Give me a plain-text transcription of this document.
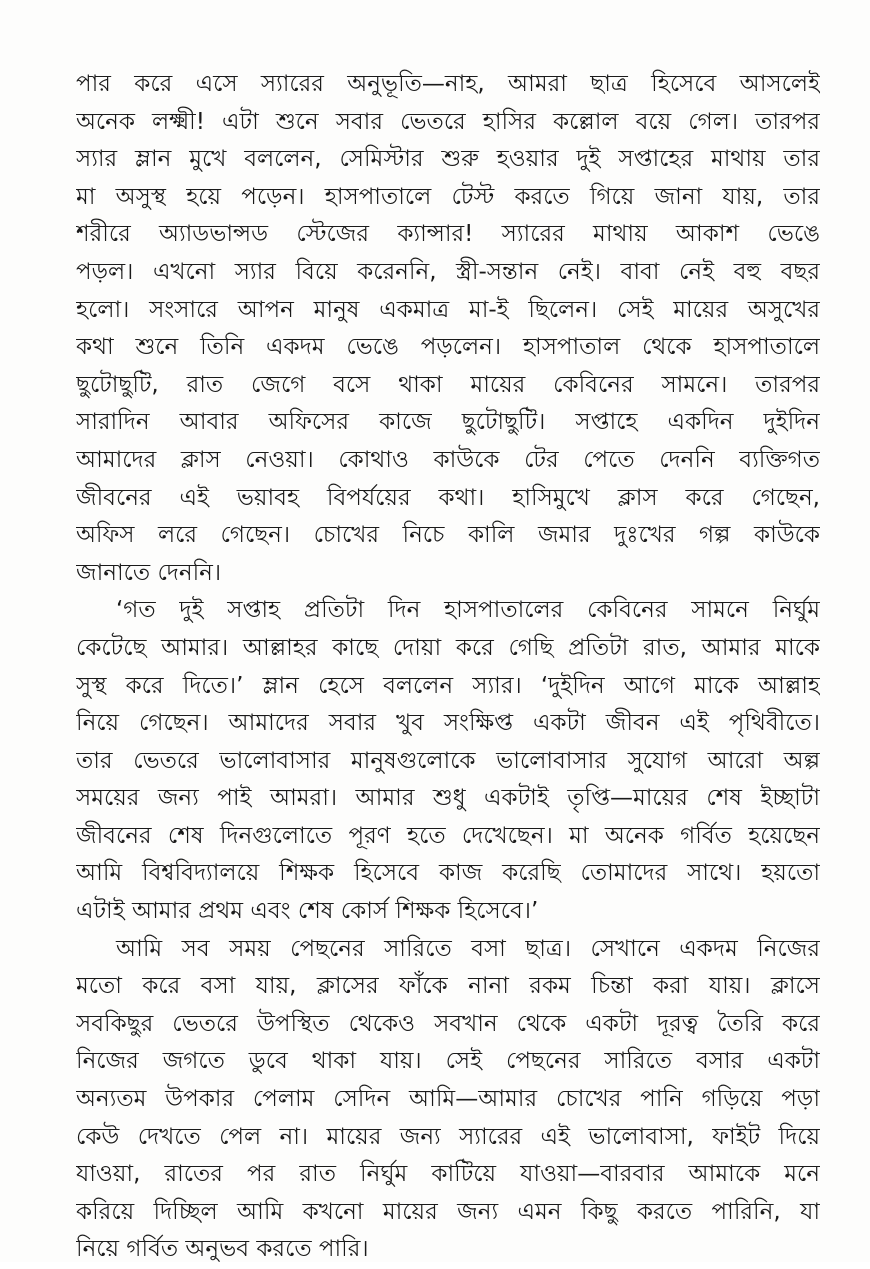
পার করে এসে স্যারের অনুভূতি—নাহ, আমরা ছাত্র হিসেবে আসলেই
অনেক লক্ষ্মী! এটা শুনে সবার ভেতরে হাসির কল্লোল বয়ে গেল। তারপর
স্যার ম্লান মুখে বললেন, সেমিস্টার শুরু হওয়ার দুই সপ্তাহের মাথায় তার
মা অসুস্থ হয়ে পড়েন। হাসপাতালে টেস্ট করতে গিয়ে জানা যায়, তার
শরীরে অ্যাডভান্সড স্টেজের ক্যান্সার! স্যারের মাথায় আকাশ ভেঙে
পড়ল। এখনো স্যার বিয়ে করেননি, স্ত্রী-সন্তান নেই। বাবা নেই বহু বছর
হলো। সংসারে আপন মানুষ একমাত্র মা-ই ছিলেন। সেই মায়ের অসুখের
কথা শুনে তিনি একদম ভেঙে পড়লেন। হাসপাতাল থেকে হাসপাতালে
ছুটোছুটি, রাত জেগে বসে থাকা মায়ের কেবিনের সামনে। তারপর
সারাদিন আবার অফিসের কাজে ছুটোছুটি। সপ্তাহে একদিন দুইদিন
আমাদের ক্লাস নেওয়া। কোথাও কাউকে টের পেতে দেননি ব্যক্তিগত
জীবনের এই ভয়াবহ বিপর্যয়ের কথা। হাসিমুখে ক্লাস করে গেছেন,
অফিস লরে গেছেন। চোখের নিচে কালি জমার দুঃখের গল্প কাউকে
জানাতে দেননি।
‘গত দুই সপ্তাহ প্রতিটা দিন হাসপাতালের কেবিনের সামনে নির্ঘুম
কেটেছে আমার। আল্লাহর কাছে দোয়া করে গেছি প্রতিটা রাত, আমার মাকে
সুস্থ করে দিতে।’ ম্লান হেসে বললেন স্যার। ‘দুইদিন আগে মাকে আল্লাহ
নিয়ে গেছেন। আমাদের সবার খুব সংক্ষিপ্ত একটা জীবন এই পৃথিবীতে।
তার ভেতরে ভালোবাসার মানুষগুলোকে ভালোবাসার সুযোগ আরো অল্প
সময়ের জন্য পাই আমরা। আমার শুধু একটাই তৃপ্তি—মায়ের শেষ ইচ্ছাটা
জীবনের শেষ দিনগুলোতে পূরণ হতে দেখেছেন। মা অনেক গর্বিত হয়েছেন
আমি বিশ্ববিদ্যালয়ে শিক্ষক হিসেবে কাজ করেছি তোমাদের সাথে। হয়তো
এটাই আমার প্রথম এবং শেষ কোর্স শিক্ষক হিসেবে।’
আমি সব সময় পেছনের সারিতে বসা ছাত্র। সেখানে একদম নিজের
মতো করে বসা যায়, ক্লাসের ফাঁকে নানা রকম চিন্তা করা যায়। ক্লাসে
সবকিছুর ভেতরে উপস্থিত থেকেও সবখান থেকে একটা দূরত্ব তৈরি করে
নিজের জগতে ডুবে থাকা যায়। সেই পেছনের সারিতে বসার একটা
অন্যতম উপকার পেলাম সেদিন আমি—আমার চোখের পানি গড়িয়ে পড়া
কেউ দেখতে পেল না। মায়ের জন্য স্যারের এই ভালোবাসা, ফাইট দিয়ে
যাওয়া, রাতের পর রাত নির্ঘুম কাটিয়ে যাওয়া—বারবার আমাকে মনে
করিয়ে দিচ্ছিল আমি কখনো মায়ের জন্য এমন কিছু করতে পারিনি, যা
নিয়ে গর্বিত অনুভব করতে পারি।
